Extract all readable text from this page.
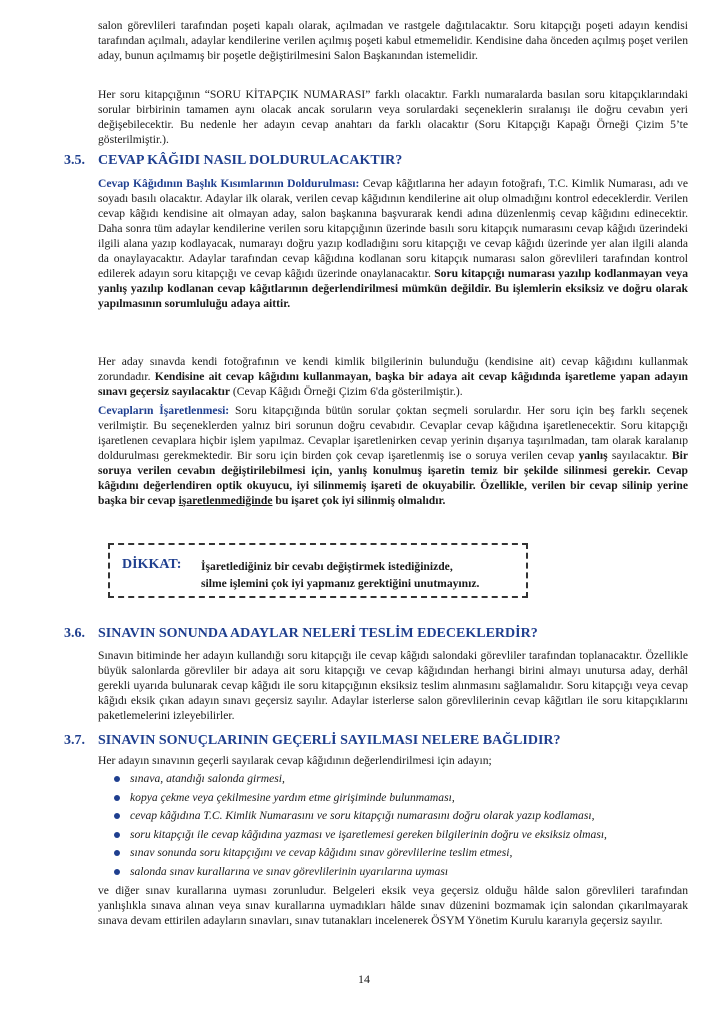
salon görevlileri tarafından poşeti kapalı olarak, açılmadan ve rastgele dağıtılacaktır. Soru kitapçığı poşeti adayın kendisi tarafından açılmalı, adaylar kendilerine verilen açılmış poşeti kabul etmemelidir. Kendisine daha önceden açılmış poşet verilen aday, bunun açılmamış bir poşetle değiştirilmesini Salon Başkanından istemelidir.

Her soru kitapçığının “SORU KİTAPÇIK NUMARASI” farklı olacaktır. Farklı numaralarda basılan soru kitapçıklarındaki sorular birbirinin tamamen aynı olacak ancak soruların veya sorulardaki seçeneklerin sıralanışı ile doğru cevabın yeri değişebilecektir. Bu nedenle her adayın cevap anahtarı da farklı olacaktır (Soru Kitapçığı Kapağı Örneği Çizim 5’te gösterilmiştir.).

3.5. CEVAP KÂĞIDI NASIL DOLDURULACAKTIR?

Cevap Kâğıdının Başlık Kısımlarının Doldurulması: Cevap kâğıtlarına her adayın fotoğrafı, T.C. Kimlik Numarası, adı ve soyadı basılı olacaktır. Adaylar ilk olarak, verilen cevap kâğıdının kendilerine ait olup olmadığını kontrol edeceklerdir. Verilen cevap kâğıdı kendisine ait olmayan aday, salon başkanına başvurarak kendi adına düzenlenmiş cevap kâğıdını edinecektir. Daha sonra tüm adaylar kendilerine verilen soru kitapçığının üzerinde basılı soru kitapçık numarasını cevap kâğıdı üzerindeki ilgili alana yazıp kodlayacak, numarayı doğru yazıp kodladığını soru kitapçığı ve cevap kâğıdı üzerinde yer alan ilgili alanda da onaylayacaktır. Adaylar tarafından cevap kâğıdına kodlanan soru kitapçık numarası salon görevlileri tarafından kontrol edilerek adayın soru kitapçığı ve cevap kâğıdı üzerinde onaylanacaktır. Soru kitapçığı numarası yazılıp kodlanmayan veya yanlış yazılıp kodlanan cevap kâğıtlarının değerlendirilmesi mümkün değildir. Bu işlemlerin eksiksiz ve doğru olarak yapılmasının sorumluluğu adaya aittir.

Her aday sınavda kendi fotoğrafının ve kendi kimlik bilgilerinin bulunduğu (kendisine ait) cevap kâğıdını kullanmak zorundadır. Kendisine ait cevap kâğıdını kullanmayan, başka bir adaya ait cevap kâğıdında işaretleme yapan adayın sınavı geçersiz sayılacaktır (Cevap Kâğıdı Örneği Çizim 6'da gösterilmiştir.).

Cevapların İşaretlenmesi: Soru kitapçığında bütün sorular çoktan seçmeli sorulardır. Her soru için beş farklı seçenek verilmiştir. Bu seçeneklerden yalnız biri sorunun doğru cevabıdır. Cevaplar cevap kâğıdına işaretlenecektir. Soru kitapçığı işaretlenen cevaplara hiçbir işlem yapılmaz. Cevaplar işaretlenirken cevap yerinin dışarıya taşırılmadan, tam olarak karalanıp doldurulması gerekmektedir. Bir soru için birden çok cevap işaretlenmiş ise o soruya verilen cevap yanlış sayılacaktır. Bir soruya verilen cevabın değiştirilebilmesi için, yanlış konulmuş işaretin temiz bir şekilde silinmesi gerekir. Cevap kâğıdını değerlendiren optik okuyucu, iyi silinmemiş işareti de okuyabilir. Özellikle, verilen bir cevap silinip yerine başka bir cevap işaretlenmediğinde bu işaret çok iyi silinmiş olmalıdır.

DİKKAT: İşaretlediğiniz bir cevabı değiştirmek istediğinizde,
silme işlemini çok iyi yapmanız gerektiğini unutmayınız.
3.6. SINAVIN SONUNDA ADAYLAR NELERİ TESLİM EDECEKLERDİR?

Sınavın bitiminde her adayın kullandığı soru kitapçığı ile cevap kâğıdı salondaki görevliler tarafından toplanacaktır. Özellikle büyük salonlarda görevliler bir adaya ait soru kitapçığı ve cevap kâğıdından herhangi birini almayı unutursa aday, derhâl gerekli uyarıda bulunarak cevap kâğıdı ile soru kitapçığının eksiksiz teslim alınmasını sağlamalıdır. Soru kitapçığı veya cevap kâğıdı eksik çıkan adayın sınavı geçersiz sayılır. Adaylar isterlerse salon görevlilerinin cevap kâğıtları ile soru kitapçıklarını paketlemelerini izleyebilirler.

3.7. SINAVIN SONUÇLARININ GEÇERLİ SAYILMASI NELERE BAĞLIDIR?

Her adayın sınavının geçerli sayılarak cevap kâğıdının değerlendirilmesi için adayın;

sınava, atandığı salonda girmesi,
kopya çekme veya çekilmesine yardım etme girişiminde bulunmaması,
cevap kâğıdına T.C. Kimlik Numarasını ve soru kitapçığı numarasını doğru olarak yazıp kodlaması,
soru kitapçığı ile cevap kâğıdına yazması ve işaretlemesi gereken bilgilerinin doğru ve eksiksiz olması,
sınav sonunda soru kitapçığını ve cevap kâğıdını sınav görevlilerine teslim etmesi,
salonda sınav kurallarına ve sınav görevlilerinin uyarılarına uyması

ve diğer sınav kurallarına uyması zorunludur. Belgeleri eksik veya geçersiz olduğu hâlde salon görevlileri tarafından yanlışlıkla sınava alınan veya sınav kurallarına uymadıkları hâlde sınav düzenini bozmamak için salondan çıkarılmayarak sınava devam ettirilen adayların sınavları, sınav tutanakları incelenerek ÖSYM Yönetim Kurulu kararıyla geçersiz sayılır.

14
